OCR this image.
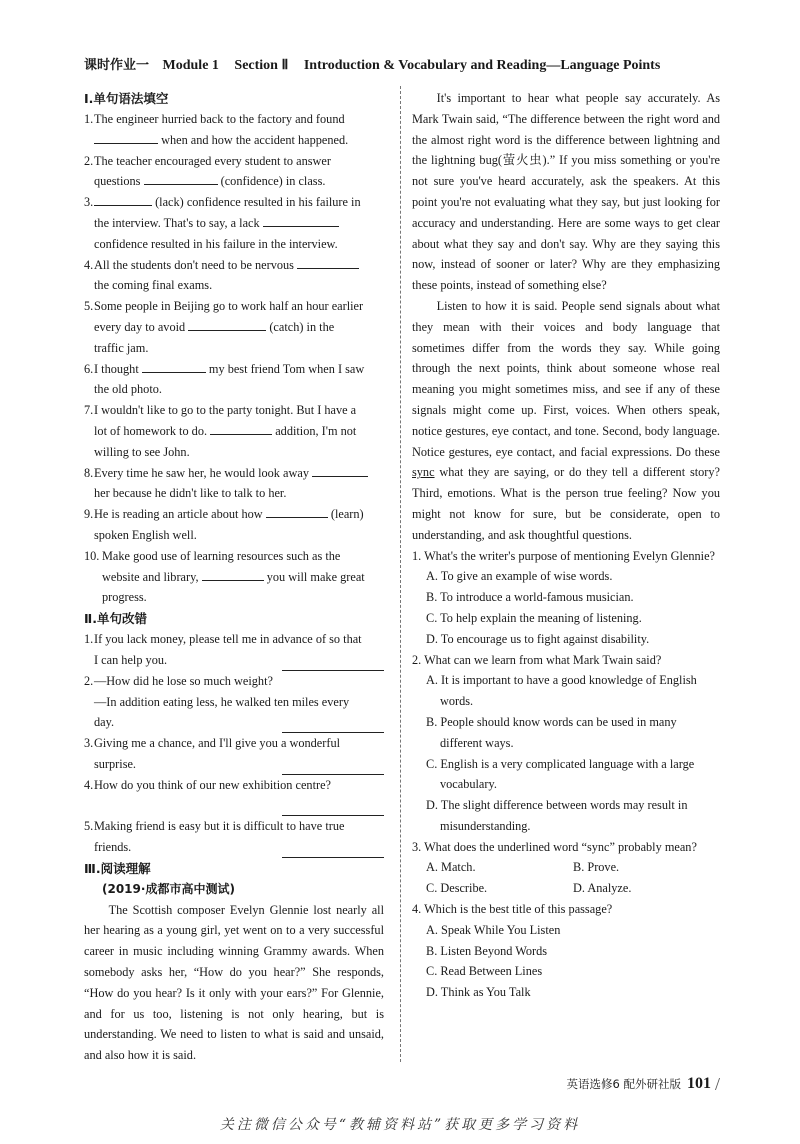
课时作业一 Module 1 Section Ⅱ Introduction & Vocabulary and Reading—Language Points
Ⅰ.单句语法填空
1. The engineer hurried back to the factory and found
when and how the accident happened.
2. The teacher encouraged every student to answer
questions	(confidence) in class.
3.	(lack) confidence resulted in his failure in
the interview. That's to say, a lack
confidence resulted in his failure in the interview.
4. All the students don't need to be nervous
the coming final exams.
5. Some people in Beijing go to work half an hour earlier
every day to avoid	(catch) in the
traffic jam.
6. I thought	my best friend Tom when I saw
the old photo.
7. I wouldn't like to go to the party tonight. But I have a
lot of homework to do.	addition, I'm not
willing to see John.
8. Every time he saw her, he would look away
her because he didn't like to talk to her.
9. He is reading an article about how	(learn)
spoken English well.
10. Make good use of learning resources such as the
website and library,	you will make great
progress.
Ⅱ.单句改错
1. If you lack money, please tell me in advance of so that

I can help you.
2. —How did he lose so much weight?
—In addition eating less, he walked ten miles every

day.
3. Giving me a chance, and I'll give you a wonderful

surprise.
4. How do you think of our new exhibition centre?

5. Making friend is easy but it is difficult to have true

friends.
Ⅲ.阅读理解
(2019·成都市高中测试)
The Scottish composer Evelyn Glennie lost nearly all her hearing as a young girl, yet went on to a very successful career in music including winning Grammy awards. When somebody asks her, “How do you hear?” She responds, “How do you hear? Is it only with your ears?” For Glennie, and for us too, listening is not only hearing, but is understanding. We need to listen to what is said and unsaid, and also how it is said.
It's important to hear what people say accurately. As Mark Twain said, “The difference between the right word and the almost right word is the difference between lightning and the lightning bug(萤火虫).” If you miss something or you're not sure you've heard accurately, ask the speakers. At this point you're not evaluating what they say, but just looking for accuracy and understanding. Here are some ways to get clear about what they say and don't say. Why are they saying this now, instead of sooner or later? Why are they emphasizing these points, instead of something else?
Listen to how it is said. People send signals about what they mean with their voices and body language that sometimes differ from the words they say. While going through the next points, think about someone whose real meaning you might sometimes miss, and see if any of these signals might come up. First, voices. When others speak, notice gestures, eye contact, and tone. Second, body language. Notice gestures, eye contact, and facial expressions. Do these sync what they are saying, or do they tell a different story? Third, emotions. What is the person true feeling? Now you might not know for sure, but be considerate, open to understanding, and ask thoughtful questions.
1. What's the writer's purpose of mentioning Evelyn Glennie?
A. To give an example of wise words.
B. To introduce a world-famous musician.
C. To help explain the meaning of listening.
D. To encourage us to fight against disability.
2. What can we learn from what Mark Twain said?
A. It is important to have a good knowledge of English words.
B. People should know words can be used in many different ways.
C. English is a very complicated language with a large vocabulary.
D. The slight difference between words may result in misunderstanding.
3. What does the underlined word “sync” probably mean?
A. Match.	B. Prove.
C. Describe.	D. Analyze.
4. Which is the best title of this passage?
A. Speak While You Listen
B. Listen Beyond Words
C. Read Between Lines
D. Think as You Talk
英语选修6 配外研社版 101 /
关注微信公众号“教辅资料站”获取更多学习资料
